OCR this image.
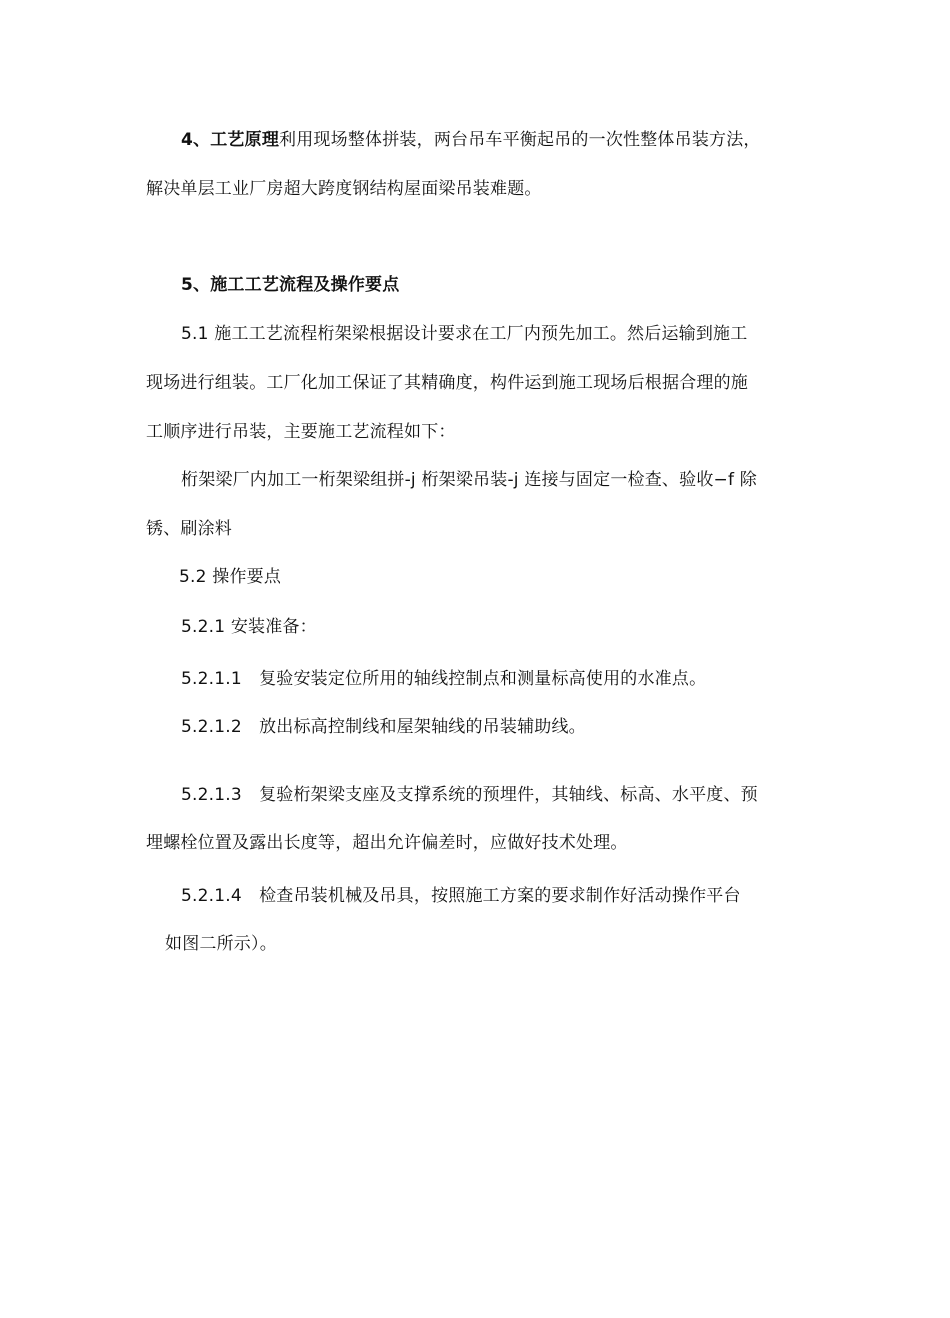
4、工艺原理利用现场整体拼装，两台吊车平衡起吊的一次性整体吊装方法，
解决单层工业厂房超大跨度钢结构屋面梁吊装难题。
5、施工工艺流程及操作要点
5.1 施工工艺流程桁架梁根据设计要求在工厂内预先加工。然后运输到施工
现场进行组装。工厂化加工保证了其精确度，构件运到施工现场后根据合理的施
工顺序进行吊装，主要施工艺流程如下：
桁架梁厂内加工一桁架梁组拼-j 桁架梁吊装-j 连接与固定一检查、验收−f 除
锈、刷涂料
5.2 操作要点
5.2.1 安装准备：
5.2.1.1　复验安装定位所用的轴线控制点和测量标高使用的水准点。
5.2.1.2　放出标高控制线和屋架轴线的吊装辅助线。
5.2.1.3　复验桁架梁支座及支撑系统的预埋件，其轴线、标高、水平度、预
埋螺栓位置及露出长度等，超出允许偏差时，应做好技术处理。
5.2.1.4　检查吊装机械及吊具，按照施工方案的要求制作好活动操作平台
如图二所示）。
